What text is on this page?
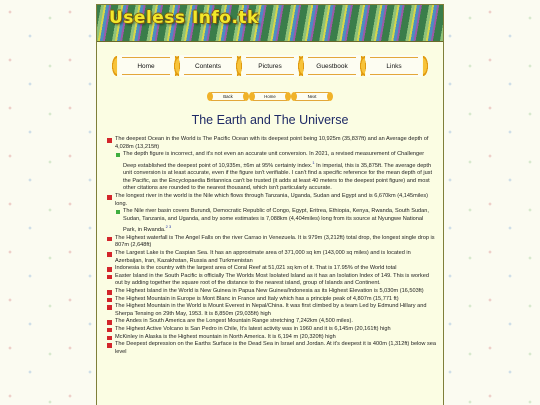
Useless Info.tk
Home	Contents	Pictures	Guestbook	Links
Back	Home	Next
The Earth and The Universe
The deepest Ocean in the World is The Pacific Ocean with its deepest point being 10,925m (35,837ft) and an Average depth of 4,028m (13,215ft)
The depth figure is incorrect, and it's not even an accurate unit conversion. In 2021, a revised measurement of Challenger Deep established the deepest point of 10,935m, ±6m at 95% certainty index.$^1$ In imperial, this is 35,875ft. The average depth unit conversion is at least accurate, even if the figure isn't verifiable. I can't find a specific reference for the mean depth of just the Pacific, as the Encyclopaedia Britannica can't be trusted (it adds at least 40 meters to the deepest point figure) and most other citations are rounded to the nearest thousand, which isn't particularly accurate.
The longest river in the world is the Nile which flows through Tanzania, Uganda, Sudan and Egypt and is 6,670km (4,145miles) long.
The Nile river basin covers Burundi, Democratic Republic of Congo, Egypt, Eritrea, Ethiopia, Kenya, Rwanda, South Sudan, Sudan, Tanzania, and Uganda, and by some estimates is 7,088km (4,404miles) long from its source at Nyungwe National Park, in Rwanda.$^{2 3}$
The Highest waterfall is The Angel Falls on the river Carrao in Venezuela. It is 979m (3,212ft) total drop, the longest single drop is 807m (2,648ft)
The Largest Lake is the Caspian Sea. It has an approximate area of 371,000 sq km (143,000 sq miles) and is located in Azerbaijan, Iran, Kazakhstan, Russia and Turkmenistan
Indonesia is the country with the largest area of Coral Reef at 51,021 sq km of it. That is 17.95% of the World total
Easter Island in the South Pacific is officially The Worlds Most Isolated Island as it has an Isolation Index of 149. This is worked out by adding together the square root of the distance to the nearest island, group of Islands and Continent.
The Highest Island in the World is New Guinea in Papua New Guinea/Indonesia as its Highest Elevation is 5,030m (16,503ft)
The Highest Mountain in Europe is Mont Blanc in France and Italy which has a principle peak of 4,807m (15,771 ft)
The Highest Mountain in the World is Mount Everest in Nepal/China. It was first climbed by a team Led by Edmund Hillary and Sherpa Tensing on 29th May, 1953. It is 8,850m (29,035ft) high
The Andes in South America are the Longest Mountain Range stretching 7,242km (4,500 miles).
The Highest Active Volcano is San Pedro in Chile, It's latest activity was in 1960 and it is 6,145m (20,161ft) high
McKinley in Alaska is the Highest mountain in North America. It is 6,194 m (20,320ft) high
The Deepest depression on the Earths Surface is the Dead Sea in Israel and Jordan. At it's deepest it is 400m (1,312ft) below sea level
